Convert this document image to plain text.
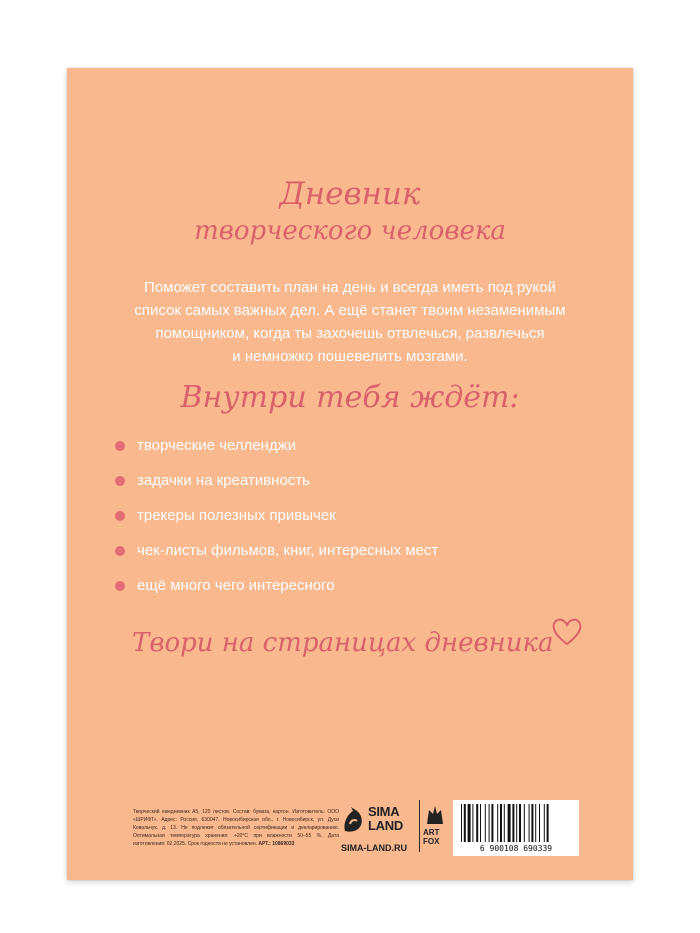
Дневник
творческого человека
Поможет составить план на день и всегда иметь под рукой
список самых важных дел. А ещё станет твоим незаменимым
помощником, когда ты захочешь отвлечься, развлечься
и немножко пошевелить мозгами.
Внутри тебя ждёт:
творческие челленджи
задачки на креативность
трекеры полезных привычек
чек-листы фильмов, книг, интересных мест
ещё много чего интересного
Твори на страницах дневника
Творческий ежедневник А5, 120 листов. Состав: бумага, картон. Изготовитель: ООО «ШРИФТ». Адрес: Россия, 630047, Новосибирская обл., г. Новосибирск, ул. Дуси Ковальчук, д. 13. Не подлежит обязательной сертификации и декларированию. Оптимальная температура хранения: +20°С при влажности 50–55 %. Дата изготовления: 02.2025. Срок годности не установлен. АРТ.: 10869033
SIMA
LAND
SIMA-LAND.RU
ART
FOX
6 900108 690339
